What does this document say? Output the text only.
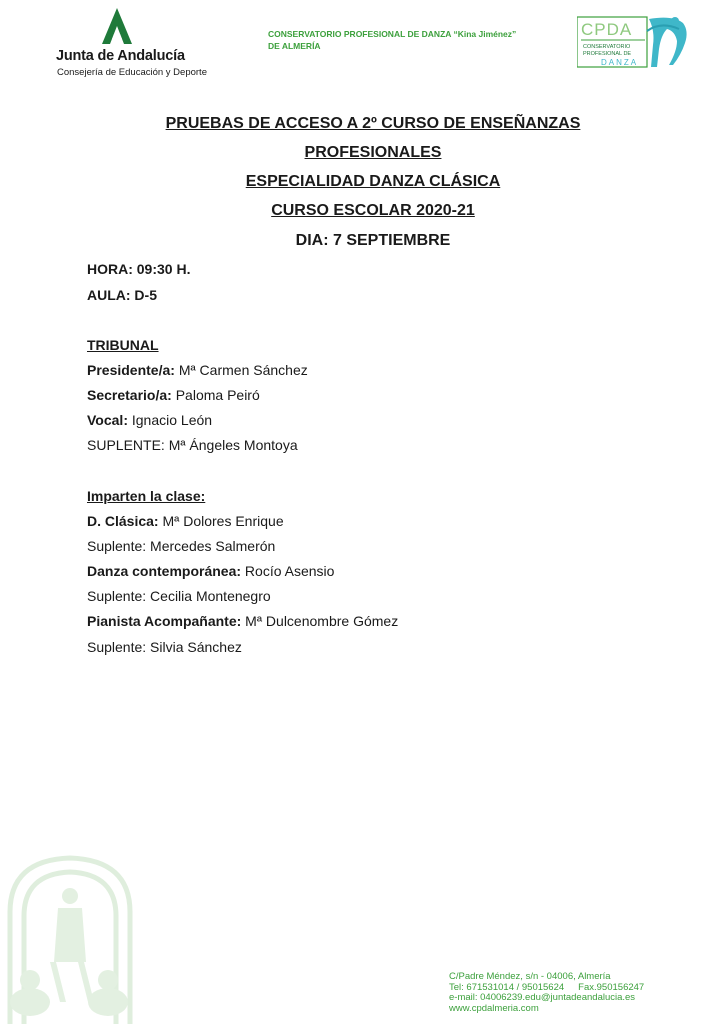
Junta de Andalucía
Consejería de Educación y Deporte
CONSERVATORIO PROFESIONAL DE DANZA “Kina Jiménez”
DE ALMERÍA
CPDA
CONSERVATORIO
PROFESIONAL DE
DANZA
PRUEBAS DE ACCESO A 2º CURSO DE ENSEÑANZAS
PROFESIONALES
ESPECIALIDAD DANZA CLÁSICA
CURSO ESCOLAR 2020-21
DIA: 7 SEPTIEMBRE
HORA: 09:30 H.
AULA: D-5
TRIBUNAL
Presidente/a: Mª Carmen Sánchez
Secretario/a: Paloma Peiró
Vocal: Ignacio León
SUPLENTE: Mª Ángeles Montoya
Imparten la clase:
D. Clásica: Mª Dolores Enrique
Suplente: Mercedes Salmerón
Danza contemporánea: Rocío Asensio
Suplente: Cecilia Montenegro
Pianista Acompañante: Mª Dulcenombre Gómez
Suplente: Silvia Sánchez
C/Padre Méndez, s/n - 04006, Almería
Tel: 671531014 / 95015624 Fax.950156247
e-mail: 04006239.edu@juntadeandalucia.es
www.cpdalmeria.com
